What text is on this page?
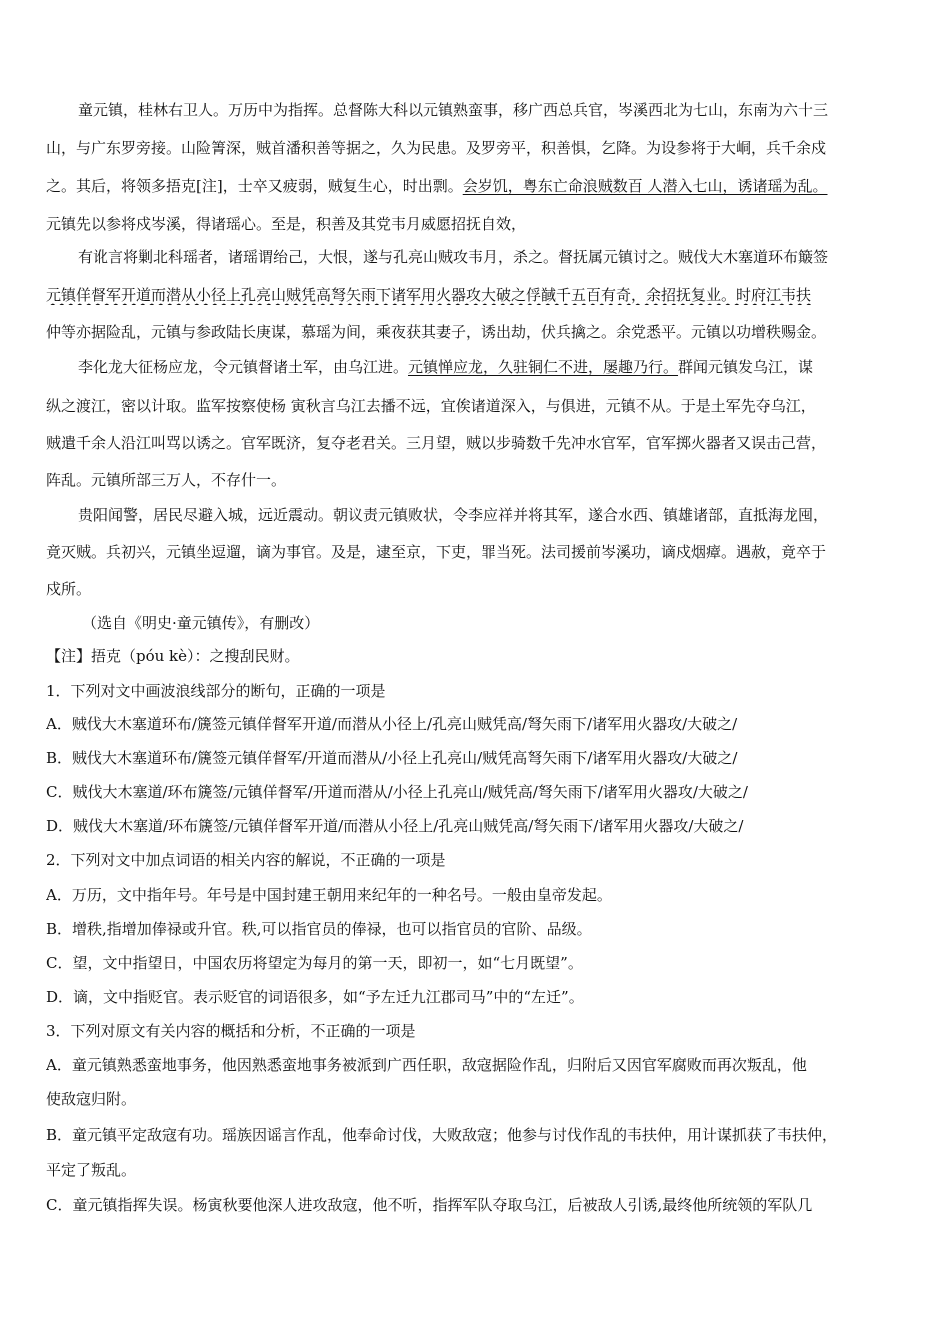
童元镇，桂林右卫人。万历中为指挥。总督陈大科以元镇熟蛮事，移广西总兵官，岑溪西北为七山，东南为六十三
山，与广东罗旁接。山险箐深，贼首潘积善等据之，久为民患。及罗旁平，积善惧，乞降。为设参将于大峒，兵千余戍
之。其后，将领多捂克[注]，士卒又疲弱，贼复生心，时出剽。会岁饥，粤东亡命浪贼数百 人潜入七山，诱诸瑶为乱。
元镇先以参将戍岑溪，得诸瑶心。至是，积善及其党韦月威愿招抚自效，
有讹言将剿北科瑶者，诸瑶谓绐己，大恨，遂与孔亮山贼攻韦月，杀之。督抚属元镇讨之。贼伐大木塞道环布簸签
元镇佯督军开道而潜从小径上孔亮山贼凭高弩矢雨下诸军用火器攻大破之俘馘千五百有奇，余招抚复业。时府江韦扶
仲等亦据险乱，元镇与参政陆长庚谋，慕瑶为间，乘夜获其妻子，诱出劫，伏兵擒之。余党悉平。元镇以功增秩赐金。
李化龙大征杨应龙，令元镇督诸土军，由乌江进。元镇惮应龙，久驻铜仁不进，屡趣乃行。群闻元镇发乌江，谋
纵之渡江，密以计取。监军按察使杨 寅秋言乌江去播不远，宜俟诸道深入，与俱进，元镇不从。于是土军先夺乌江，
贼遣千余人沿江叫骂以诱之。官军既济，复夺老君关。三月望，贼以步骑数千先冲水官军，官军掷火器者又误击己营，
阵乱。元镇所部三万人，不存什一。
贵阳闻警，居民尽避入城，远近震动。朝议责元镇败状，令李应祥并将其军，遂合水西、镇雄诸部，直抵海龙囤，
竟灭贼。兵初兴，元镇坐逗遛，谪为事官。及是，逮至京，下吏，罪当死。法司援前岑溪功，谪戍烟瘴。遇赦，竟卒于
戍所。
（选自《明史·童元镇传》，有删改）
【注】捂克（póu kè）：之搜刮民财。
1．下列对文中画波浪线部分的断句，正确的一项是
A．贼伐大木塞道环布/篪签元镇佯督军开道/而潜从小径上/孔亮山贼凭高/弩矢雨下/诸军用火器攻/大破之/
B．贼伐大木塞道环布/篪签元镇佯督军/开道而潜从/小径上孔亮山/贼凭高弩矢雨下/诸军用火器攻/大破之/
C．贼伐大木塞道/环布篪签/元镇佯督军/开道而潜从/小径上孔亮山/贼凭高/弩矢雨下/诸军用火器攻/大破之/
D．贼伐大木塞道/环布篪签/元镇佯督军开道/而潜从小径上/孔亮山贼凭高/弩矢雨下/诸军用火器攻/大破之/
2．下列对文中加点词语的相关内容的解说，不正确的一项是
A．万历，文中指年号。年号是中国封建王朝用来纪年的一种名号。一般由皇帝发起。
B．增秩,指增加俸禄或升官。秩,可以指官员的俸禄，也可以指官员的官阶、品级。
C．望，文中指望日，中国农历将望定为每月的第一天，即初一，如“七月既望”。
D．谪，文中指贬官。表示贬官的词语很多，如“予左迁九江郡司马”中的“左迁”。
3．下列对原文有关内容的概括和分析，不正确的一项是
A．童元镇熟悉蛮地事务，他因熟悉蛮地事务被派到广西任职，敌寇据险作乱，归附后又因官军腐败而再次叛乱，他
使敌寇归附。
B．童元镇平定敌寇有功。瑶族因谣言作乱，他奉命讨伐，大败敌寇；他参与讨伐作乱的韦扶仲，用计谋抓获了韦扶仲，
平定了叛乱。
C．童元镇指挥失误。杨寅秋要他深人进攻敌寇，他不听，指挥军队夺取乌江，后被敌人引诱,最终他所统领的军队几
